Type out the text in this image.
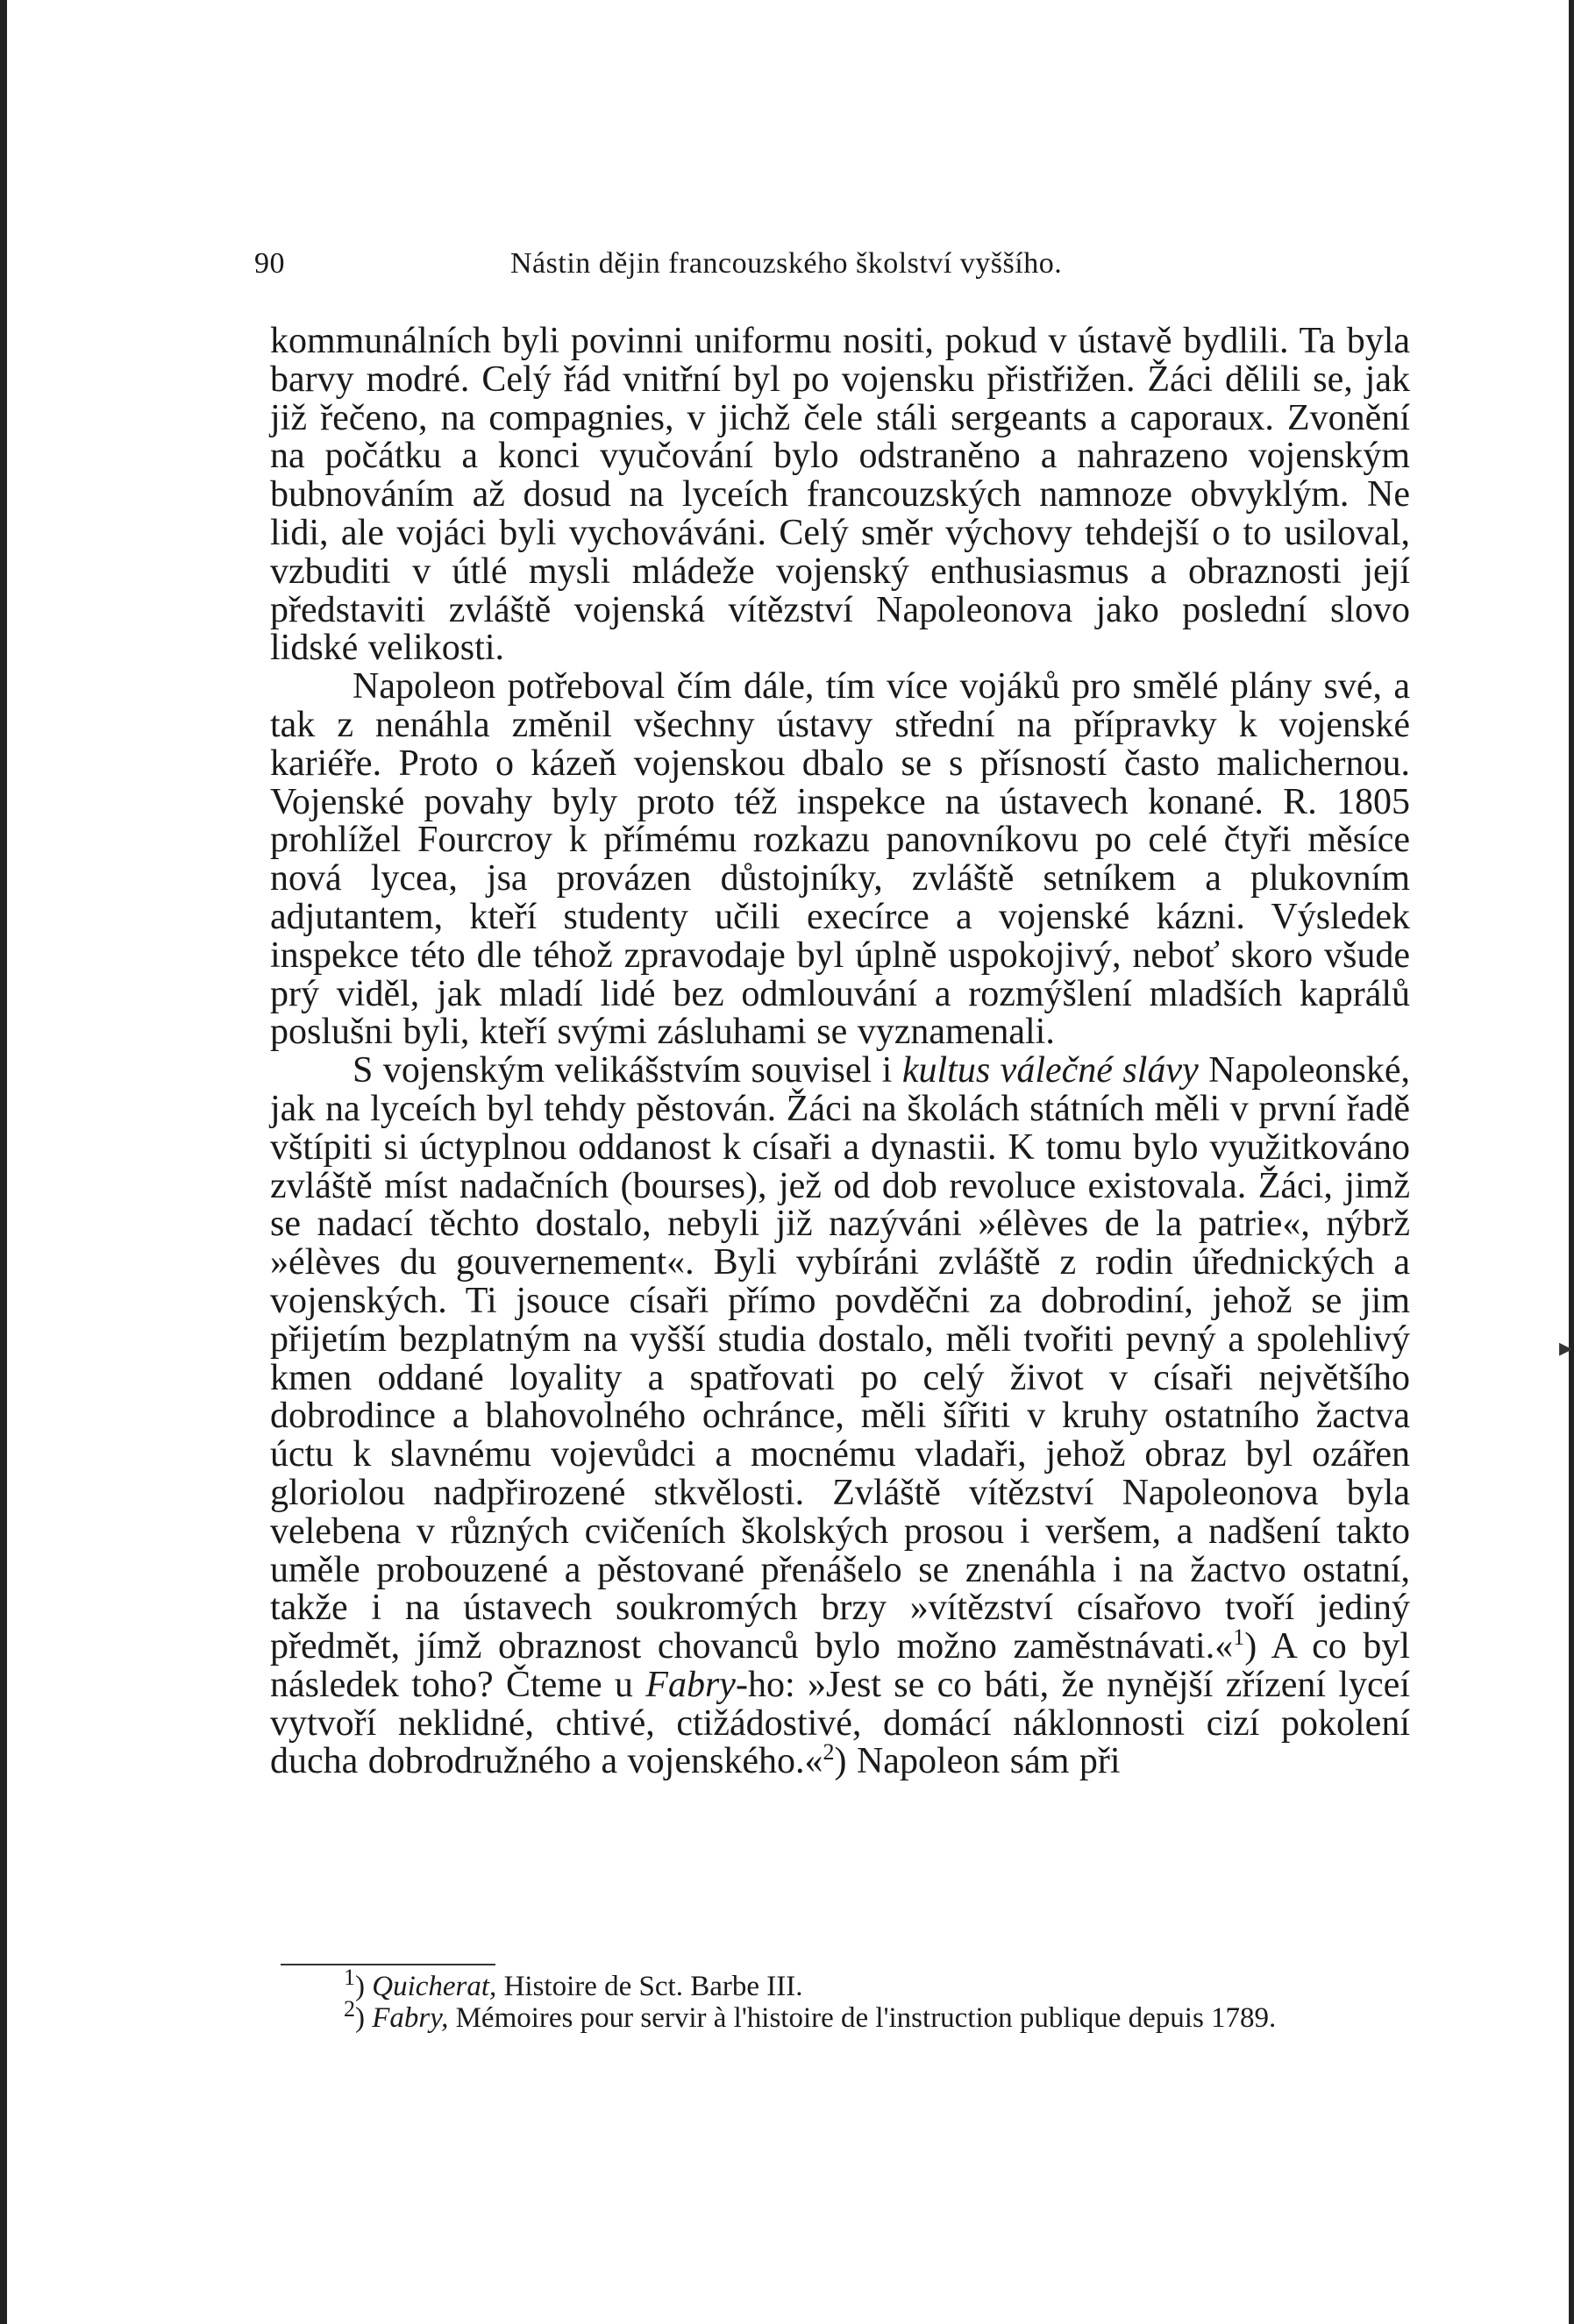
▸
90	Nástin dějin francouzského školství vyššího.

kommunálních byli povinni uniformu nositi, pokud v ústavě bydlili. Ta byla barvy modré. Celý řád vnitřní byl po vojensku přistřižen. Žáci dělili se, jak již řečeno, na compagnies, v jichž čele stáli sergeants a caporaux. Zvonění na počátku a konci vyučování bylo odstraněno a nahrazeno vojenským bubnováním až dosud na lyceích francouzských namnoze obvyklým. Ne lidi, ale vojáci byli vychováváni. Celý směr výchovy tehdejší o to usiloval, vzbuditi v útlé mysli mládeže vojenský enthusiasmus a obraznosti její představiti zvláště vojenská vítězství Napoleonova jako poslední slovo lidské velikosti.

Napoleon potřeboval čím dále, tím více vojáků pro smělé plány své, a tak z nenáhla změnil všechny ústavy střední na přípravky k vojenské kariéře. Proto o kázeň vojenskou dbalo se s přísností často malichernou. Vojenské povahy byly proto též inspekce na ústavech konané. R. 1805 prohlížel Fourcroy k přímému rozkazu panovníkovu po celé čtyři měsíce nová lycea, jsa provázen důstojníky, zvláště setníkem a plukovním adjutantem, kteří studenty učili execírce a vojenské kázni. Výsledek inspekce této dle téhož zpravodaje byl úplně uspokojivý, neboť skoro všude prý viděl, jak mladí lidé bez odmlouvání a rozmýšlení mladších kaprálů poslušni byli, kteří svými zásluhami se vyznamenali.

S vojenským velikášstvím souvisel i kultus válečné slávy Napoleonské, jak na lyceích byl tehdy pěstován. Žáci na školách státních měli v první řadě vštípiti si úctyplnou oddanost k císaři a dynastii. K tomu bylo využitkováno zvláště míst nadačních (bourses), jež od dob revoluce existovala. Žáci, jimž se nadací těchto dostalo, nebyli již nazýváni »élèves de la patrie«, nýbrž »élèves du gouvernement«. Byli vybíráni zvláště z rodin úřednických a vojenských. Ti jsouce císaři přímo povděčni za dobrodiní, jehož se jim přijetím bezplatným na vyšší studia dostalo, měli tvořiti pevný a spolehlivý kmen oddané loyality a spatřovati po celý život v císaři největšího dobrodince a blahovolného ochránce, měli šířiti v kruhy ostatního žactva úctu k slavnému vojevůdci a mocnému vladaři, jehož obraz byl ozářen gloriolou nadpřirozené stkvělosti. Zvláště vítězství Napoleonova byla velebena v různých cvičeních školských prosou i veršem, a nadšení takto uměle probouzené a pěstované přenášelo se znenáhla i na žactvo ostatní, takže i na ústavech soukromých brzy »vítězství císařovo tvoří jediný předmět, jímž obraznost chovanců bylo možno zaměstnávati.«$^1$) A co byl následek toho? Čteme u Fabry-ho: »Jest se co báti, že nynější zřízení lyceí vytvoří neklidné, chtivé, ctižádostivé, domácí náklonnosti cizí pokolení ducha dobrodružného a vojenského.«$^2$) Napoleon sám při

$^1$) Quicherat, Histoire de Sct. Barbe III.

$^2$) Fabry, Mémoires pour servir à l'histoire de l'instruction publique depuis 1789.
